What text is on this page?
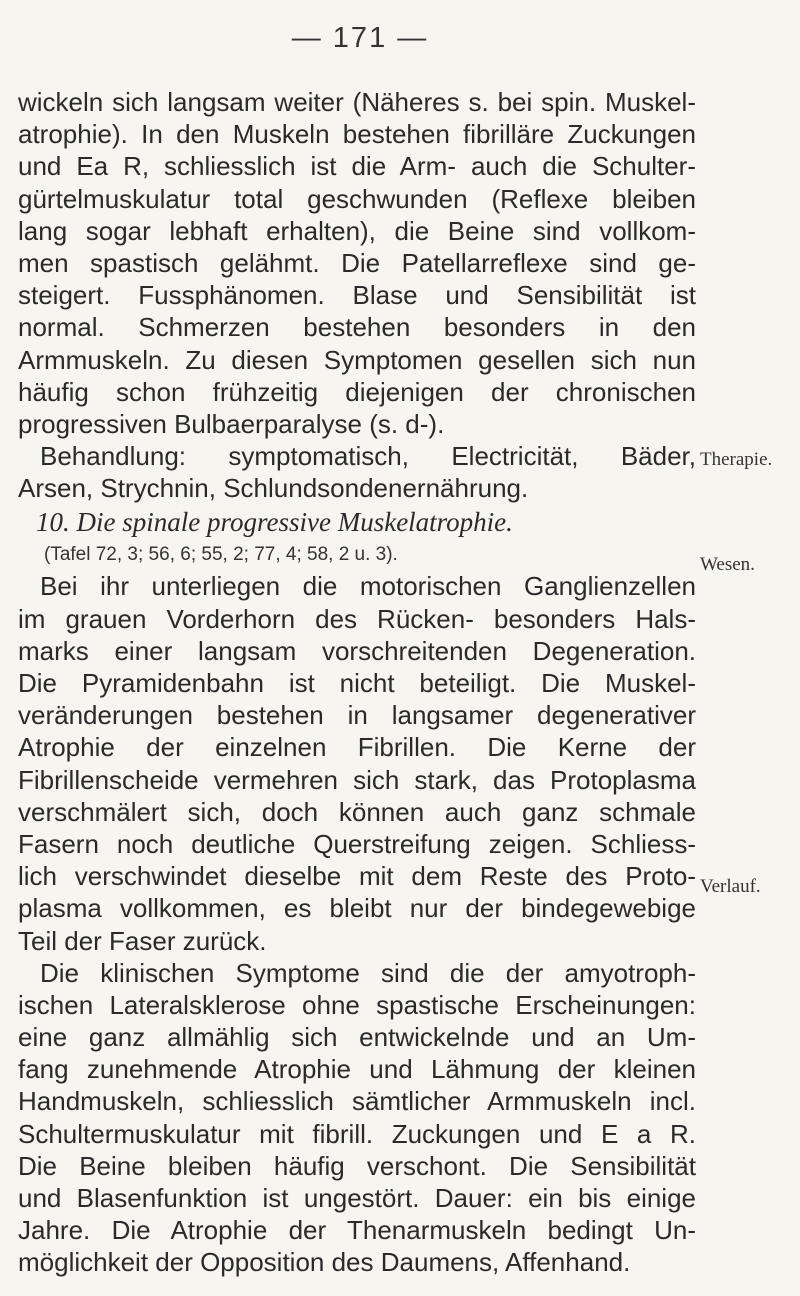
— 171 —
wickeln sich langsam weiter (Näheres s. bei spin. Muskel-
atrophie). In den Muskeln bestehen fibrilläre Zuckungen
und Ea R, schliesslich ist die Arm- auch die Schulter-
gürtelmuskulatur total geschwunden (Reflexe bleiben
lang sogar lebhaft erhalten), die Beine sind vollkom-
men spastisch gelähmt. Die Patellarreflexe sind ge-
steigert. Fussphänomen. Blase und Sensibilität ist
normal. Schmerzen bestehen besonders in den
Armmuskeln. Zu diesen Symptomen gesellen sich nun
häufig schon frühzeitig diejenigen der chronischen
progressiven Bulbaerparalyse (s. d-).
Behandlung: symptomatisch, Electricität, Bäder,
Arsen, Strychnin, Schlundsondenernährung.
10. Die spinale progressive Muskelatrophie.
(Tafel 72, 3; 56, 6; 55, 2; 77, 4; 58, 2 u. 3).
Bei ihr unterliegen die motorischen Ganglienzellen
im grauen Vorderhorn des Rücken- besonders Hals-
marks einer langsam vorschreitenden Degeneration.
Die Pyramidenbahn ist nicht beteiligt. Die Muskel-
veränderungen bestehen in langsamer degenerativer
Atrophie der einzelnen Fibrillen. Die Kerne der
Fibrillenscheide vermehren sich stark, das Protoplasma
verschmälert sich, doch können auch ganz schmale
Fasern noch deutliche Querstreifung zeigen. Schliess-
lich verschwindet dieselbe mit dem Reste des Proto-
plasma vollkommen, es bleibt nur der bindegewebige
Teil der Faser zurück.
Die klinischen Symptome sind die der amyotroph-
ischen Lateralsklerose ohne spastische Erscheinungen:
eine ganz allmählig sich entwickelnde und an Um-
fang zunehmende Atrophie und Lähmung der kleinen
Handmuskeln, schliesslich sämtlicher Armmuskeln incl.
Schultermuskulatur mit fibrill. Zuckungen und E a R.
Die Beine bleiben häufig verschont. Die Sensibilität
und Blasenfunktion ist ungestört. Dauer: ein bis einige
Jahre. Die Atrophie der Thenarmuskeln bedingt Un-
möglichkeit der Opposition des Daumens, Affenhand.
Therapie.
Wesen.
Verlauf.
